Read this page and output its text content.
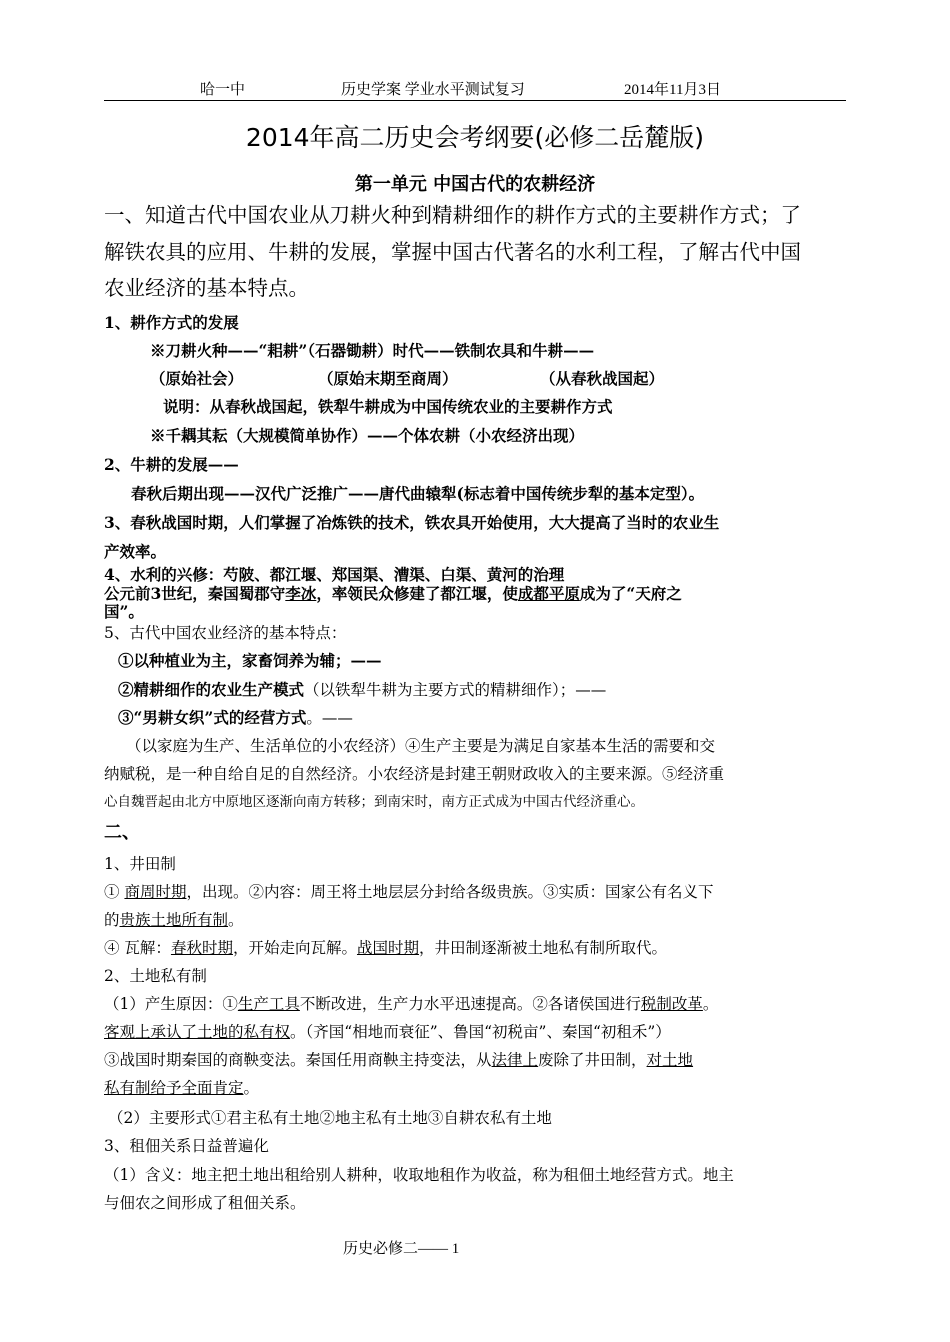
哈一中	历史学案 学业水平测试复习	2014年11月3日
2014年高二历史会考纲要(必修二岳麓版)
第一单元 中国古代的农耕经济
一、知道古代中国农业从刀耕火种到精耕细作的耕作方式的主要耕作方式；了
解铁农具的应用、牛耕的发展，掌握中国古代著名的水利工程，了解古代中国
农业经济的基本特点。
1、耕作方式的发展
※刀耕火种——“耜耕”（石器锄耕）时代——铁制农具和牛耕——
（原始社会）	（原始末期至商周）	（从春秋战国起）
说明：从春秋战国起，铁犁牛耕成为中国传统农业的主要耕作方式
※千耦其耘（大规模简单协作）——个体农耕（小农经济出现）
2、牛耕的发展——
春秋后期出现——汉代广泛推广——唐代曲辕犁(标志着中国传统步犁的基本定型）。
3、春秋战国时期，人们掌握了冶炼铁的技术，铁农具开始使用，大大提高了当时的农业生
产效率。
4、水利的兴修：芍陂、都江堰、郑国渠、漕渠、白渠、黄河的治理
公元前3世纪，秦国蜀郡守李冰，率领民众修建了都江堰，使成都平原成为了“天府之
国”。
5、古代中国农业经济的基本特点：
①以种植业为主，家畜饲养为辅；——
②精耕细作的农业生产模式（以铁犁牛耕为主要方式的精耕细作）；——
③“男耕女织”式的经营方式。——
（以家庭为生产、生活单位的小农经济）④生产主要是为满足自家基本生活的需要和交
纳赋税，是一种自给自足的自然经济。小农经济是封建王朝财政收入的主要来源。⑤经济重
心自魏晋起由北方中原地区逐渐向南方转移；到南宋时，南方正式成为中国古代经济重心。
二、
1、井田制
① 商周时期，出现。②内容：周王将土地层层分封给各级贵族。③实质：国家公有名义下
的贵族土地所有制。
④ 瓦解：春秋时期，开始走向瓦解。战国时期，井田制逐渐被土地私有制所取代。
2、土地私有制
（1）产生原因：①生产工具不断改进，生产力水平迅速提高。②各诸侯国进行税制改革。
客观上承认了土地的私有权。（齐国“相地而衰征”、鲁国“初税亩”、秦国“初租禾”）
③战国时期秦国的商鞅变法。秦国任用商鞅主持变法，从法律上废除了井田制，对土地
私有制给予全面肯定。
（2）主要形式①君主私有土地②地主私有土地③自耕农私有土地
3、租佃关系日益普遍化
（1）含义：地主把土地出租给别人耕种，收取地租作为收益，称为租佃土地经营方式。地主
与佃农之间形成了租佃关系。
历史必修二—— 1
